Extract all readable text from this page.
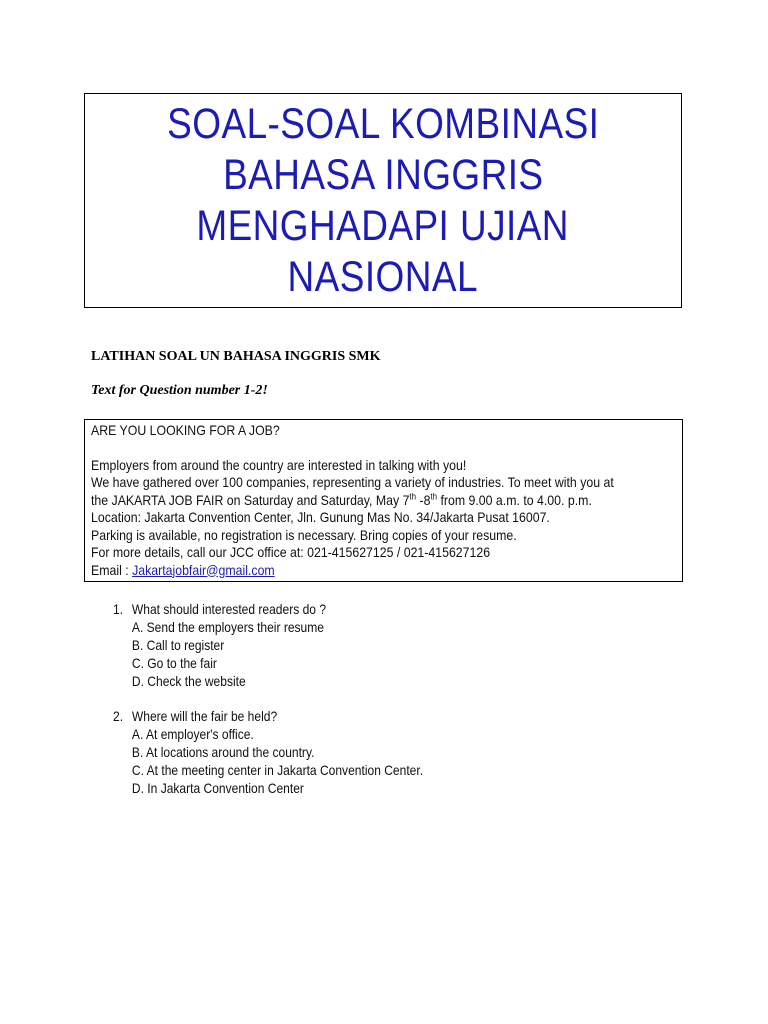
SOAL-SOAL KOMBINASI
BAHASA INGGRIS
MENGHADAPI UJIAN
NASIONAL
LATIHAN SOAL UN BAHASA INGGRIS SMK
Text for Question number 1-2!
ARE YOU LOOKING FOR A JOB?
Employers from around the country are interested in talking with you!
We have gathered over 100 companies, representing a variety of industries. To meet with you at
the JAKARTA JOB FAIR on Saturday and Saturday, May 7th -8th from 9.00 a.m. to 4.00. p.m.
Location: Jakarta Convention Center, Jln. Gunung Mas No. 34/Jakarta Pusat 16007.
Parking is available, no registration is necessary. Bring copies of your resume.
For more details, call our JCC office at: 021-415627125 / 021-415627126
Email : Jakartajobfair@gmail.com
1. What should interested readers do ?
A. Send the employers their resume
B. Call to register
C. Go to the fair
D. Check the website
2. Where will the fair be held?
A. At employer's office.
B. At locations around the country.
C. At the meeting center in Jakarta Convention Center.
D. In Jakarta Convention Center
